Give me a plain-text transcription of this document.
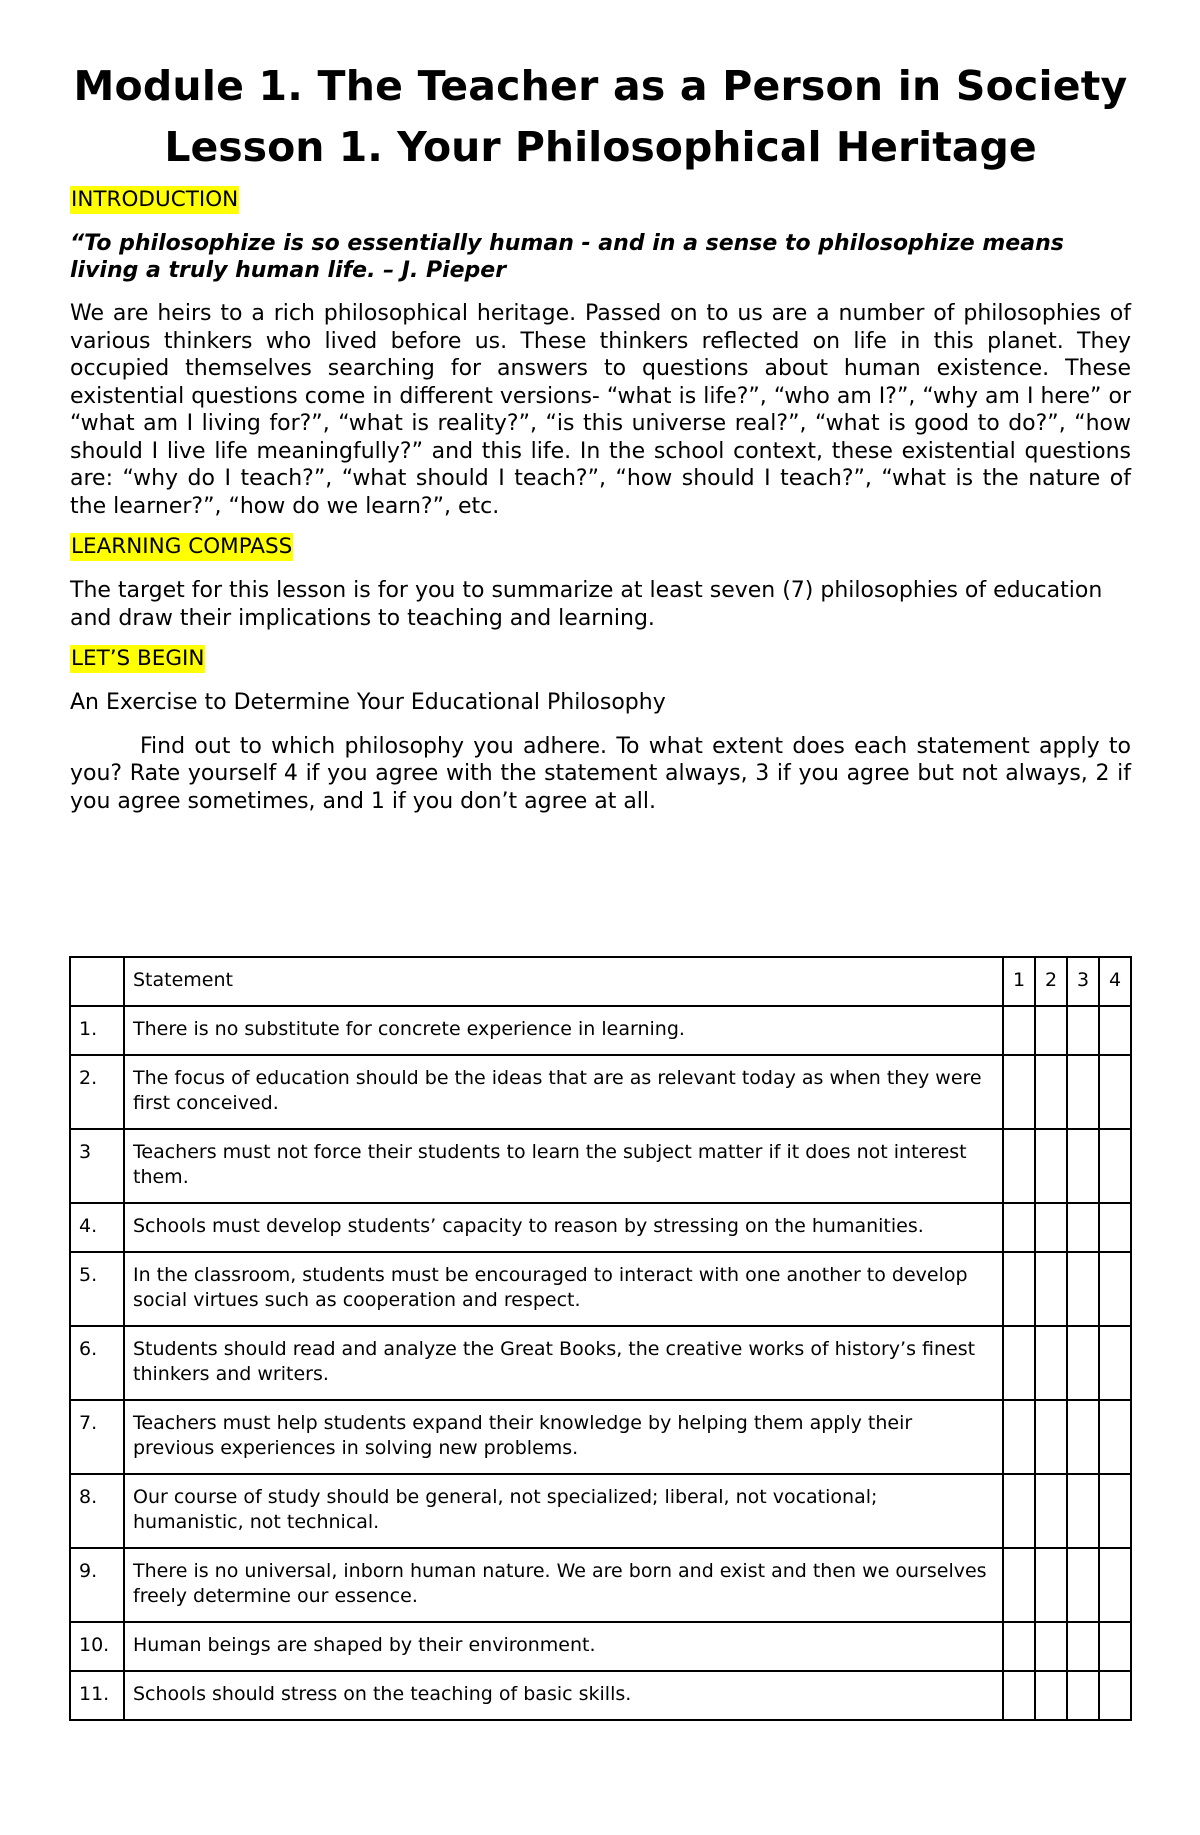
Module 1. The Teacher as a Person in Society
Lesson 1. Your Philosophical Heritage
INTRODUCTION

“To philosophize is so essentially human - and in a sense to philosophize means living a truly human life. – J. Pieper

We are heirs to a rich philosophical heritage. Passed on to us are a number of philosophies of various thinkers who lived before us. These thinkers reflected on life in this planet. They occupied themselves searching for answers to questions about human existence. These existential questions come in different versions- “what is life?”, “who am I?”, “why am I here” or “what am I living for?”, “what is reality?”, “is this universe real?”, “what is good to do?”, “how should I live life meaningfully?” and this life. In the school context, these existential questions are: “why do I teach?”, “what should I teach?”, “how should I teach?”, “what is the nature of the learner?”, “how do we learn?”, etc.

LEARNING COMPASS

The target for this lesson is for you to summarize at least seven (7) philosophies of education and draw their implications to teaching and learning.

LET’S BEGIN

An Exercise to Determine Your Educational Philosophy

Find out to which philosophy you adhere. To what extent does each statement apply to you? Rate yourself 4 if you agree with the statement always, 3 if you agree but not always, 2 if you agree sometimes, and 1 if you don’t agree at all.

	Statement	1	2	3	4
1.	There is no substitute for concrete experience in learning.				
2.	The focus of education should be the ideas that are as relevant today as when they were first conceived.				
3	Teachers must not force their students to learn the subject matter if it does not interest them.				
4.	Schools must develop students’ capacity to reason by stressing on the humanities.				
5.	In the classroom, students must be encouraged to interact with one another to develop social virtues such as cooperation and respect.				
6.	Students should read and analyze the Great Books, the creative works of history’s finest thinkers and writers.				
7.	Teachers must help students expand their knowledge by helping them apply their previous experiences in solving new problems.				
8.	Our course of study should be general, not specialized; liberal, not vocational; humanistic, not technical.				
9.	There is no universal, inborn human nature. We are born and exist and then we ourselves freely determine our essence.				
10.	Human beings are shaped by their environment.				
11.	Schools should stress on the teaching of basic skills.				
